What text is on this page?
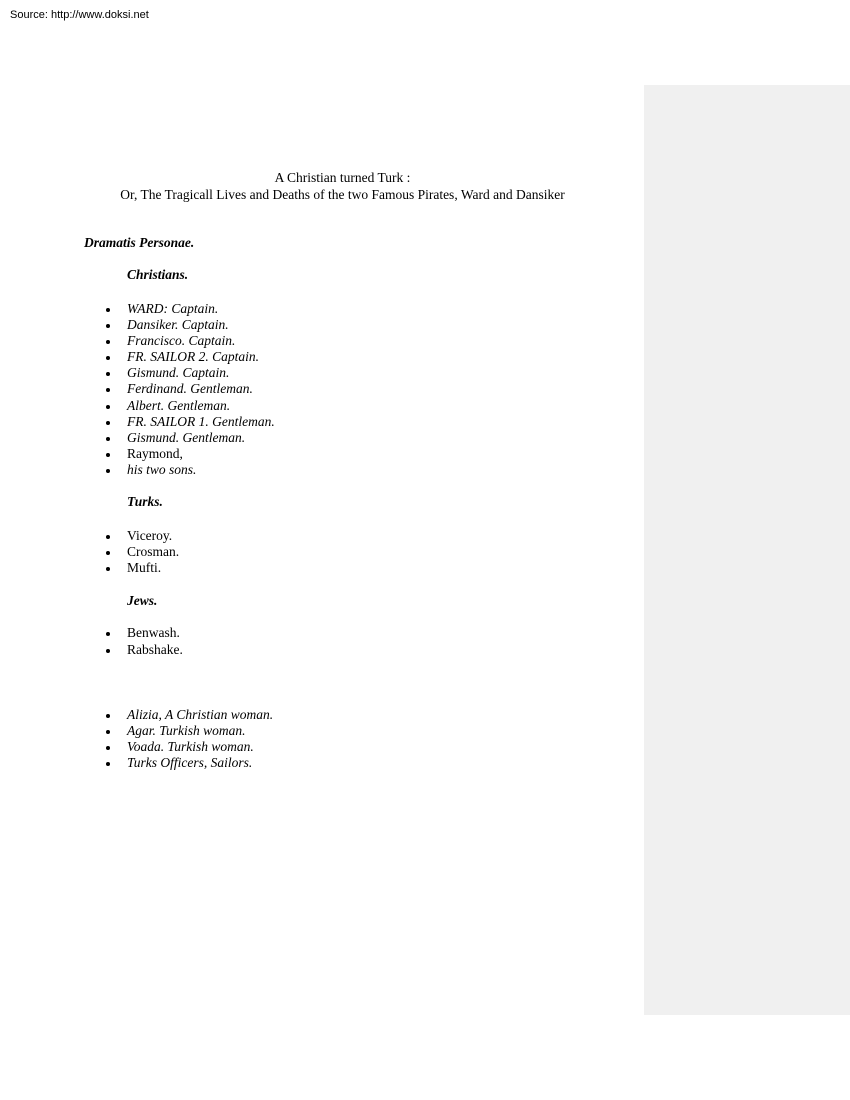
Source: http://www.doksi.net
A Christian turned Turk :
Or, The Tragicall Lives and Deaths of the two Famous Pirates, Ward and Dansiker
Dramatis Personae.
Christians.
WARD: Captain.
Dansiker. Captain.
Francisco. Captain.
FR. SAILOR 2. Captain.
Gismund. Captain.
Ferdinand. Gentleman.
Albert. Gentleman.
FR. SAILOR 1. Gentleman.
Gismund. Gentleman.
Raymond,
his two sons.
Turks.
Viceroy.
Crosman.
Mufti.
Jews.
Benwash.
Rabshake.
Alizia, A Christian woman.
Agar. Turkish woman.
Voada. Turkish woman.
Turks Officers, Sailors.
